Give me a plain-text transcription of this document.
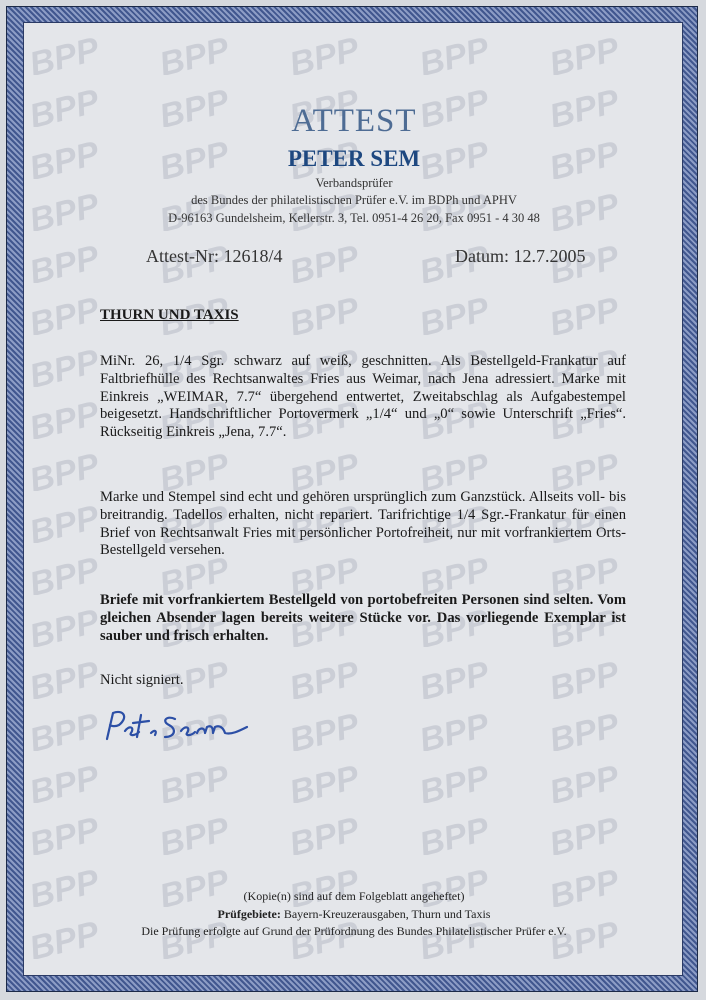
ATTEST
PETER SEM
Verbandsprüfer
des Bundes der philatelistischen Prüfer e.V. im BDPh und APHV
D-96163 Gundelsheim, Kellerstr. 3, Tel. 0951-4 26 20, Fax 0951 - 4 30 48
Attest-Nr: 12618/4	Datum: 12.7.2005
THURN UND TAXIS
MiNr. 26, 1/4 Sgr. schwarz auf weiß, geschnitten. Als Bestellgeld-Frankatur auf Faltbriefhülle des Rechtsanwaltes Fries aus Weimar, nach Jena adressiert. Marke mit Einkreis „WEIMAR, 7.7“ übergehend entwertet, Zweitabschlag als Aufgabestempel beigesetzt. Handschriftlicher Portovermerk „1/4“ und „0“ sowie Unterschrift „Fries“. Rückseitig Einkreis „Jena, 7.7“.
Marke und Stempel sind echt und gehören ursprünglich zum Ganzstück. Allseits voll- bis breitrandig. Tadellos erhalten, nicht repariert. Tarifrichtige 1/4 Sgr.-Frankatur für einen Brief von Rechtsanwalt Fries mit persönlicher Portofreiheit, nur mit vorfrankiertem Orts-Bestellgeld versehen.
Briefe mit vorfrankiertem Bestellgeld von portobefreiten Personen sind selten. Vom gleichen Absender lagen bereits weitere Stücke vor. Das vorliegende Exemplar ist sauber und frisch erhalten.
Nicht signiert.
(Kopie(n) sind auf dem Folgeblatt angeheftet)
Prüfgebiete: Bayern-Kreuzerausgaben, Thurn und Taxis
Die Prüfung erfolgte auf Grund der Prüfordnung des Bundes Philatelistischer Prüfer e.V.
